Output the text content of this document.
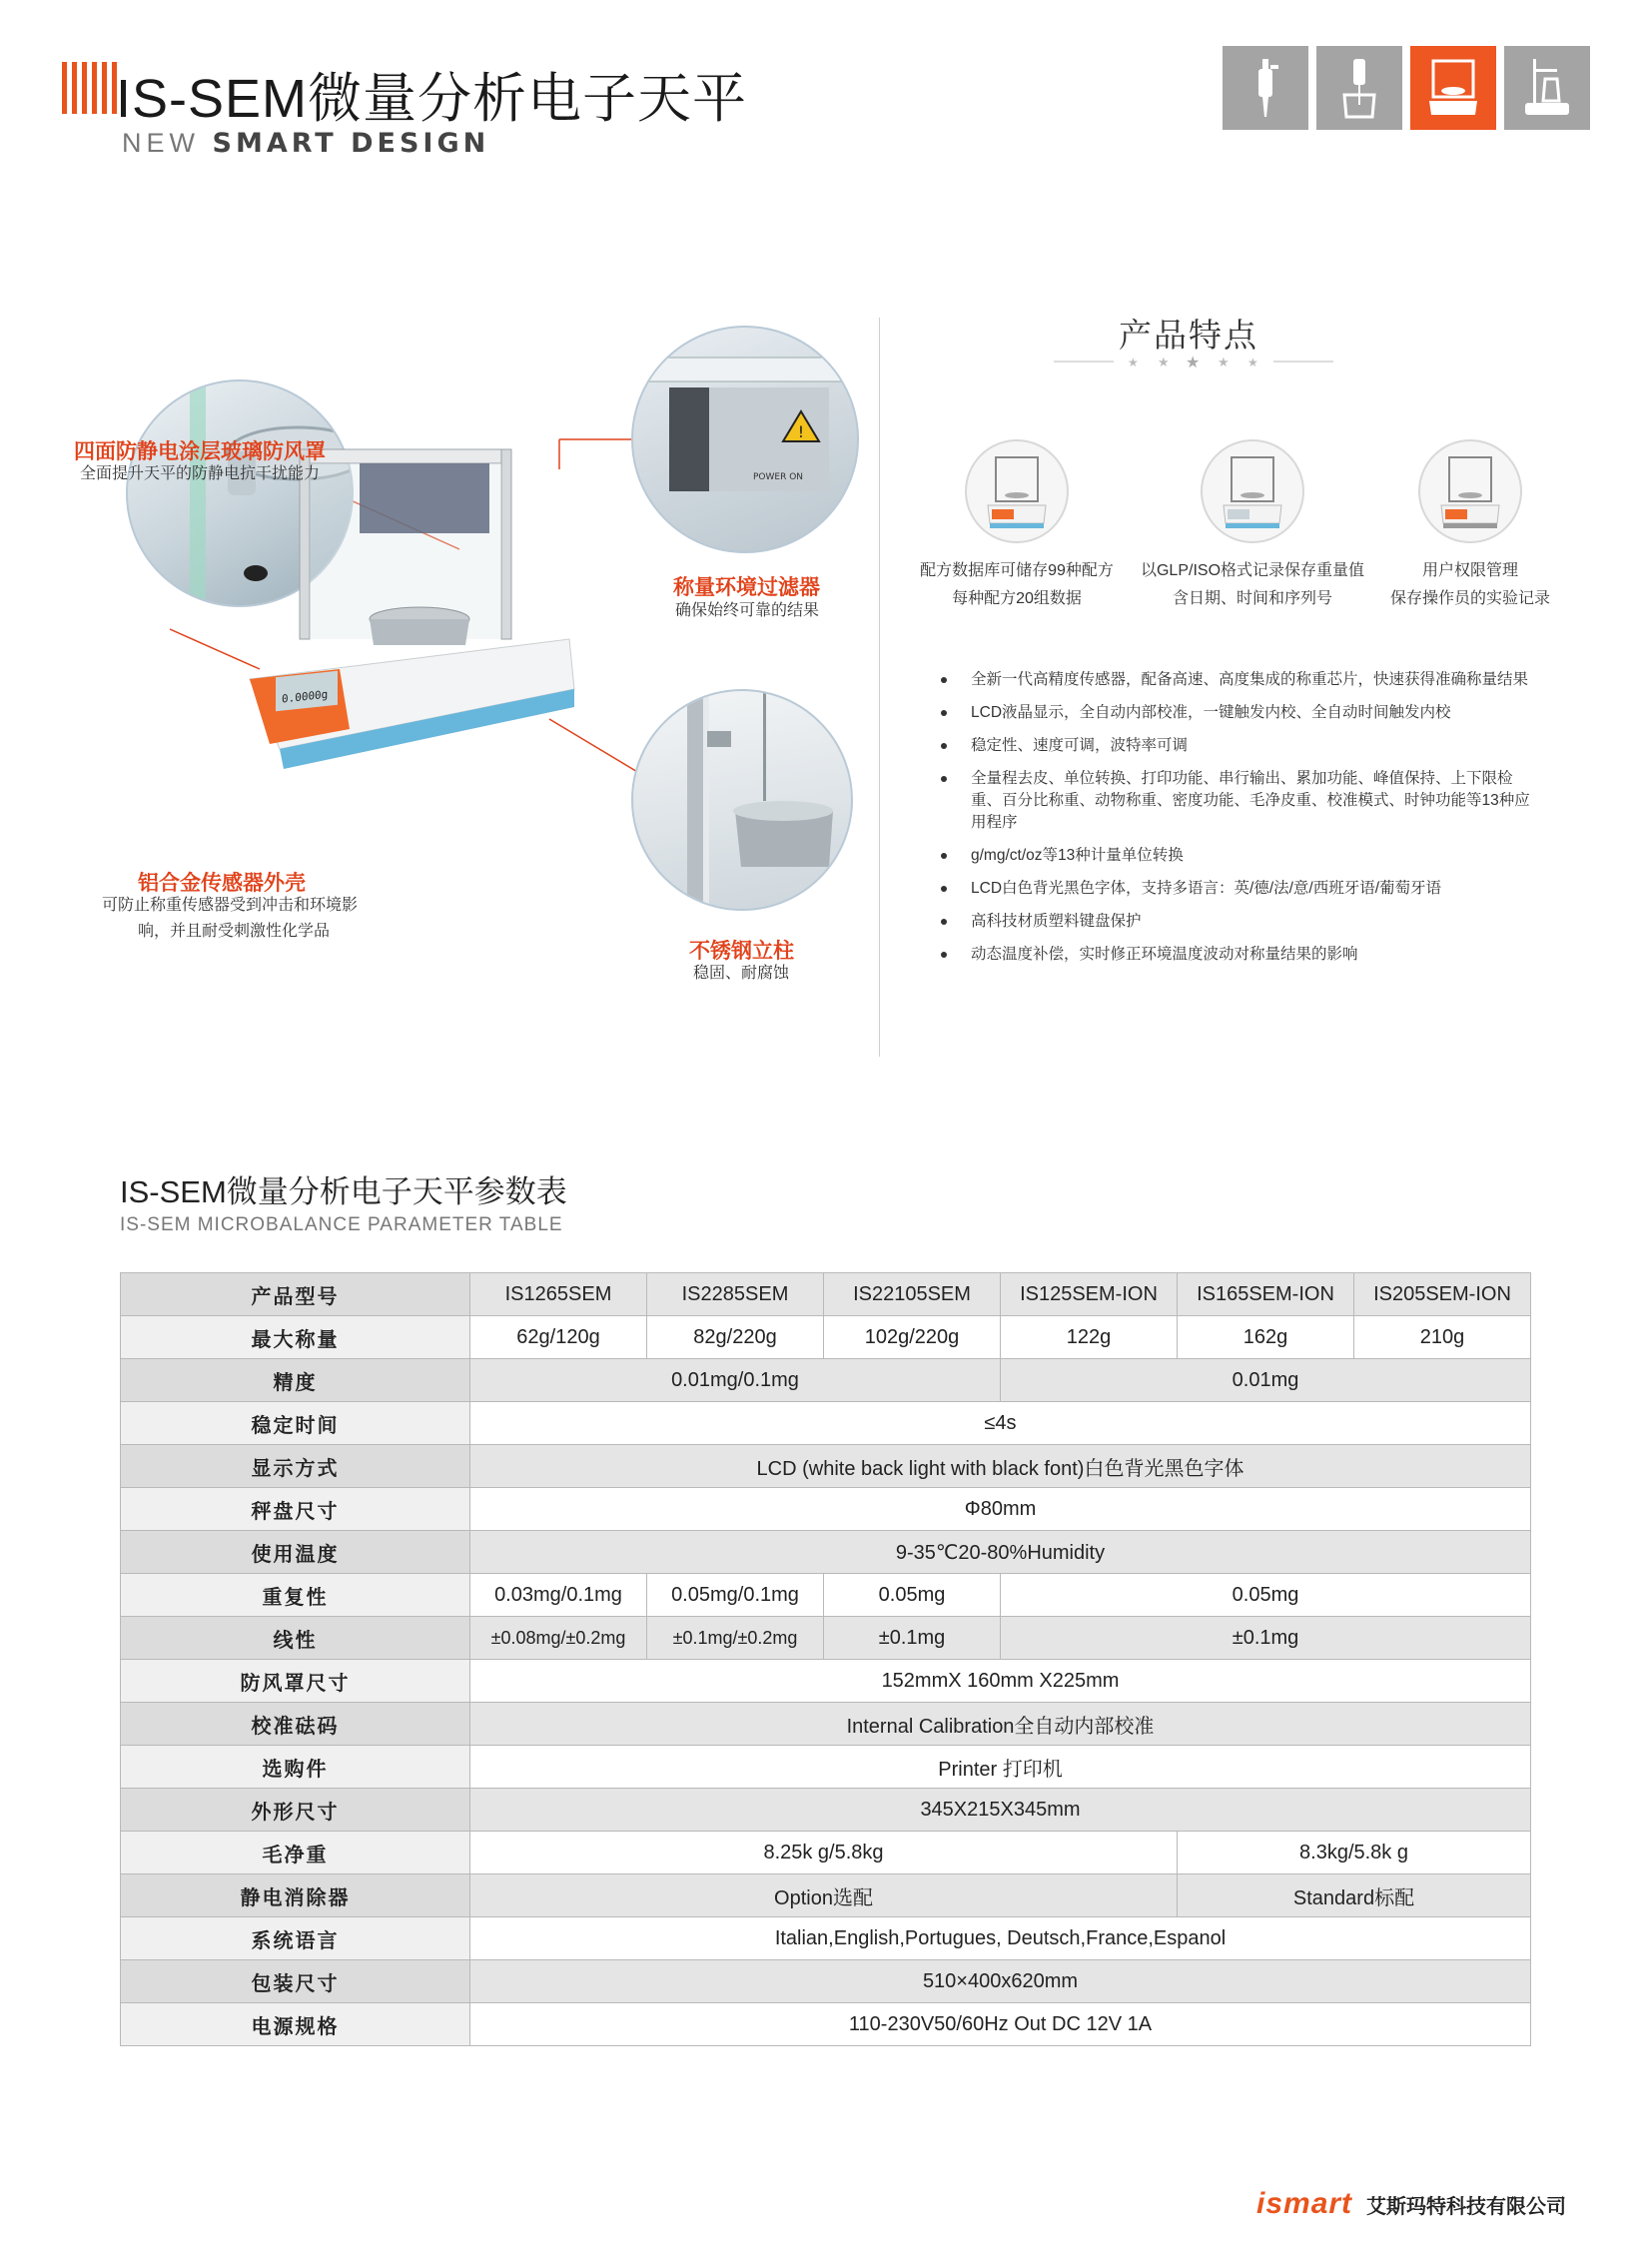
IS-SEM微量分析电子天平
NEW SMART DESIGN
!
POWER ON
0.0000g
四面防静电涂层玻璃防风罩
全面提升天平的防静电抗干扰能力
称量环境过滤器
确保始终可靠的结果
铝合金传感器外壳
可防止称重传感器受到冲击和环境影
响，并且耐受刺激性化学品
不锈钢立柱
稳固、耐腐蚀
产品特点
★ ★ ★ ★ ★
配方数据库可储存99种配方
每种配方20组数据
以GLP/ISO格式记录保存重量值
含日期、时间和序列号
用户权限管理
保存操作员的实验记录
全新一代高精度传感器，配备高速、高度集成的称重芯片，快速获得准确称量结果
LCD液晶显示，全自动内部校准，一键触发内校、全自动时间触发内校
稳定性、速度可调，波特率可调
全量程去皮、单位转换、打印功能、串行输出、累加功能、峰值保持、上下限检重、百分比称重、动物称重、密度功能、毛净皮重、校准模式、时钟功能等13种应用程序
g/mg/ct/oz等13种计量单位转换
LCD白色背光黑色字体，支持多语言：英/德/法/意/西班牙语/葡萄牙语
高科技材质塑料键盘保护
动态温度补偿，实时修正环境温度波动对称量结果的影响
IS-SEM微量分析电子天平参数表
IS-SEM MICROBALANCE PARAMETER TABLE
产品型号	IS1265SEM	IS2285SEM	IS22105SEM	IS125SEM-ION	IS165SEM-ION	IS205SEM-ION
最大称量	62g/120g	82g/220g	102g/220g	122g	162g	210g
精度	0.01mg/0.1mg			0.01mg		
稳定时间	≤4s					
显示方式	LCD (white back light with black font)白色背光黑色字体					
秤盘尺寸	Φ80mm					
使用温度	9-35℃20-80%Humidity					
重复性	0.03mg/0.1mg	0.05mg/0.1mg	0.05mg	0.05mg		
线性	±0.08mg/±0.2mg	±0.1mg/±0.2mg	±0.1mg	±0.1mg		
防风罩尺寸	152mmX 160mm X225mm					
校准砝码	Internal Calibration全自动内部校准					
选购件	Printer 打印机					
外形尺寸	345X215X345mm					
毛净重	8.25k g/5.8kg				8.3kg/5.8k g	
静电消除器	Option选配				Standard标配	
系统语言	Italian,English,Portugues, Deutsch,France,Espanol					
包装尺寸	510×400x620mm					
电源规格	110-230V50/60Hz Out DC 12V 1A					
ismart 艾斯玛特科技有限公司
